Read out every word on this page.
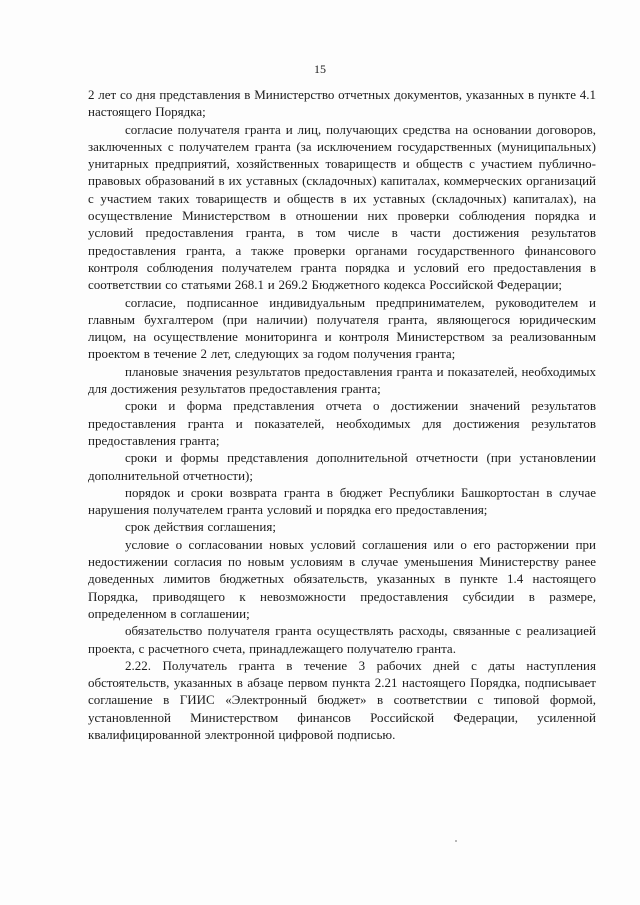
15

2 лет со дня представления в Министерство отчетных документов, указанных в пункте 4.1 настоящего Порядка;

согласие получателя гранта и лиц, получающих средства на основании договоров, заключенных с получателем гранта (за исключением государственных (муниципальных) унитарных предприятий, хозяйственных товариществ и обществ с участием публично-правовых образований в их уставных (складочных) капиталах, коммерческих организаций с участием таких товариществ и обществ в их уставных (складочных) капиталах), на осуществление Министерством в отношении них проверки соблюдения порядка и условий предоставления гранта, в том числе в части достижения результатов предоставления гранта, а также проверки органами государственного финансового контроля соблюдения получателем гранта порядка и условий его предоставления в соответствии со статьями 268.1 и 269.2 Бюджетного кодекса Российской Федерации;

согласие, подписанное индивидуальным предпринимателем, руководителем и главным бухгалтером (при наличии) получателя гранта, являющегося юридическим лицом, на осуществление мониторинга и контроля Министерством за реализованным проектом в течение 2 лет, следующих за годом получения гранта;

плановые значения результатов предоставления гранта и показателей, необходимых для достижения результатов предоставления гранта;

сроки и форма представления отчета о достижении значений результатов предоставления гранта и показателей, необходимых для достижения результатов предоставления гранта;

сроки и формы представления дополнительной отчетности (при установлении дополнительной отчетности);

порядок и сроки возврата гранта в бюджет Республики Башкортостан в случае нарушения получателем гранта условий и порядка его предоставления;

срок действия соглашения;

условие о согласовании новых условий соглашения или о его расторжении при недостижении согласия по новым условиям в случае уменьшения Министерству ранее доведенных лимитов бюджетных обязательств, указанных в пункте 1.4 настоящего Порядка, приводящего к невозможности предоставления субсидии в размере, определенном в соглашении;

обязательство получателя гранта осуществлять расходы, связанные с реализацией проекта, с расчетного счета, принадлежащего получателю гранта.

2.22. Получатель гранта в течение 3 рабочих дней с даты наступления обстоятельств, указанных в абзаце первом пункта 2.21 настоящего Порядка, подписывает соглашение в ГИИС «Электронный бюджет» в соответствии с типовой формой, установленной Министерством финансов Российской Федерации, усиленной квалифицированной электронной цифровой подписью.
